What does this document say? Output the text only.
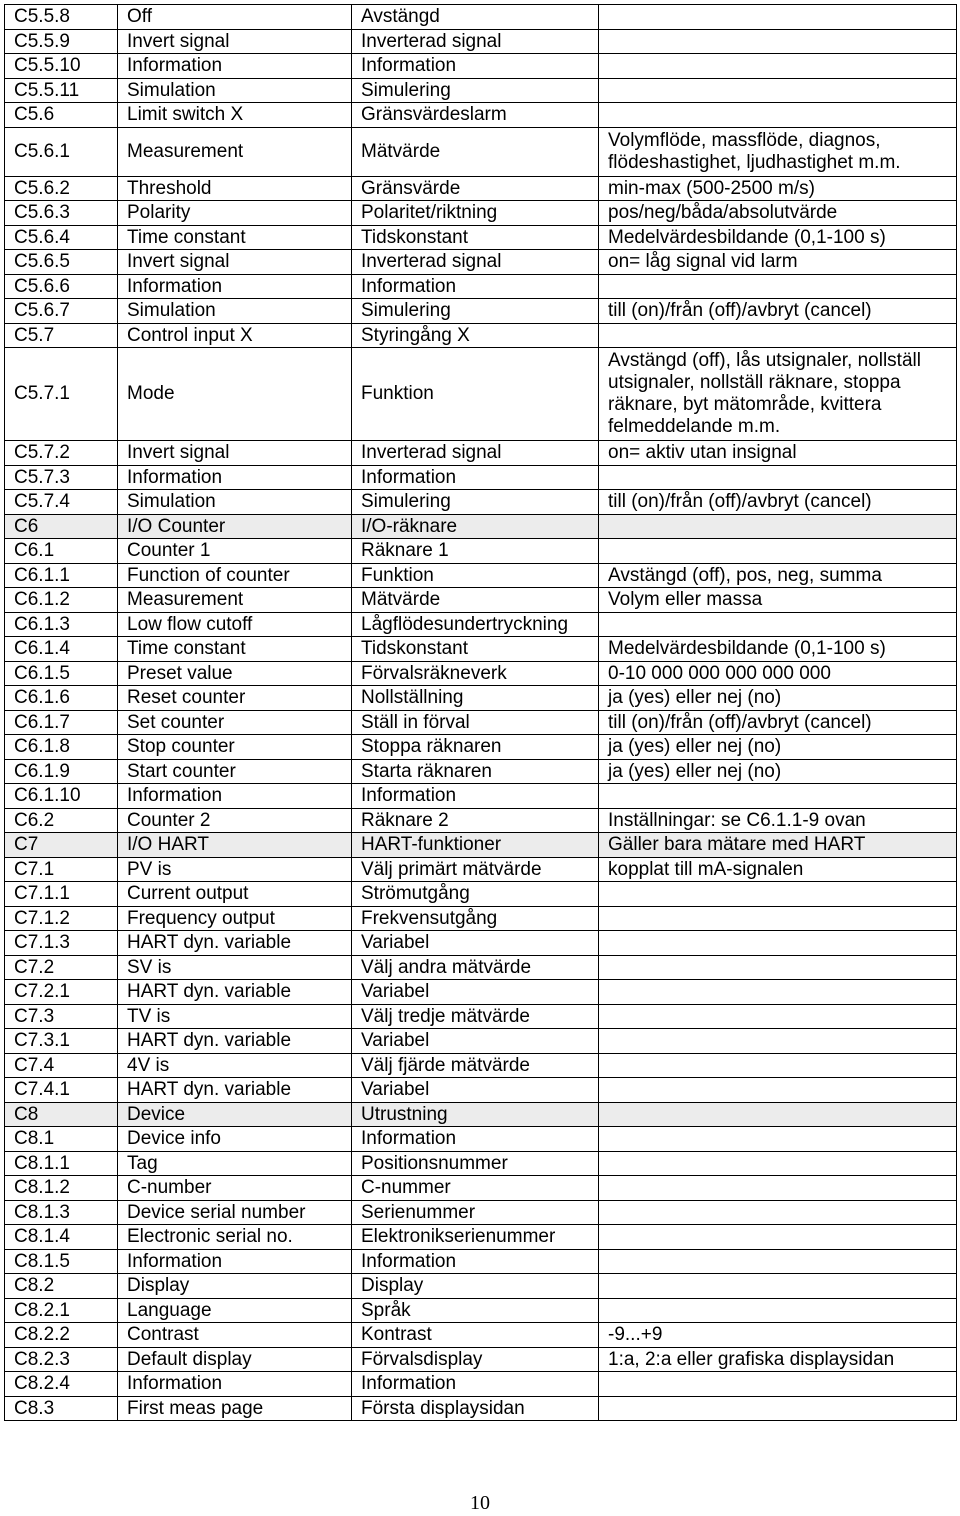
C5.5.8	Off	Avstängd	
C5.5.9	Invert signal	Inverterad signal	
C5.5.10	Information	Information	
C5.5.11	Simulation	Simulering	
C5.6	Limit switch X	Gränsvärdeslarm	
C5.6.1	Measurement	Mätvärde	Volymflöde, massflöde, diagnos, flödeshastighet, ljudhastighet m.m.
C5.6.2	Threshold	Gränsvärde	min-max (500-2500 m/s)
C5.6.3	Polarity	Polaritet/riktning	pos/neg/båda/absolutvärde
C5.6.4	Time constant	Tidskonstant	Medelvärdesbildande (0,1-100 s)
C5.6.5	Invert signal	Inverterad signal	on= låg signal vid larm
C5.6.6	Information	Information	
C5.6.7	Simulation	Simulering	till (on)/från (off)/avbryt (cancel)
C5.7	Control input X	Styringång X	
C5.7.1	Mode	Funktion	Avstängd (off), lås utsignaler, nollställ utsignaler, nollställ räknare, stoppa räknare, byt mätområde, kvittera felmeddelande m.m.
C5.7.2	Invert signal	Inverterad signal	on= aktiv utan insignal
C5.7.3	Information	Information	
C5.7.4	Simulation	Simulering	till (on)/från (off)/avbryt (cancel)
C6	I/O Counter	I/O-räknare	
C6.1	Counter 1	Räknare 1	
C6.1.1	Function of counter	Funktion	Avstängd (off), pos, neg, summa
C6.1.2	Measurement	Mätvärde	Volym eller massa
C6.1.3	Low flow cutoff	Lågflödesundertryckning	
C6.1.4	Time constant	Tidskonstant	Medelvärdesbildande (0,1-100 s)
C6.1.5	Preset value	Förvalsräkneverk	0-10 000 000 000 000 000
C6.1.6	Reset counter	Nollställning	ja (yes) eller nej (no)
C6.1.7	Set counter	Ställ in förval	till (on)/från (off)/avbryt (cancel)
C6.1.8	Stop counter	Stoppa räknaren	ja (yes) eller nej (no)
C6.1.9	Start counter	Starta räknaren	ja (yes) eller nej (no)
C6.1.10	Information	Information	
C6.2	Counter 2	Räknare 2	Inställningar: se C6.1.1-9 ovan
C7	I/O HART	HART-funktioner	Gäller bara mätare med HART
C7.1	PV is	Välj primärt mätvärde	kopplat till mA-signalen
C7.1.1	Current output	Strömutgång	
C7.1.2	Frequency output	Frekvensutgång	
C7.1.3	HART dyn. variable	Variabel	
C7.2	SV is	Välj andra mätvärde	
C7.2.1	HART dyn. variable	Variabel	
C7.3	TV is	Välj tredje mätvärde	
C7.3.1	HART dyn. variable	Variabel	
C7.4	4V is	Välj fjärde mätvärde	
C7.4.1	HART dyn. variable	Variabel	
C8	Device	Utrustning	
C8.1	Device info	Information	
C8.1.1	Tag	Positionsnummer	
C8.1.2	C-number	C-nummer	
C8.1.3	Device serial number	Serienummer	
C8.1.4	Electronic serial no.	Elektronikserienummer	
C8.1.5	Information	Information	
C8.2	Display	Display	
C8.2.1	Language	Språk	
C8.2.2	Contrast	Kontrast	-9...+9
C8.2.3	Default display	Förvalsdisplay	1:a, 2:a eller grafiska displaysidan
C8.2.4	Information	Information	
C8.3	First meas page	Första displaysidan	
10
